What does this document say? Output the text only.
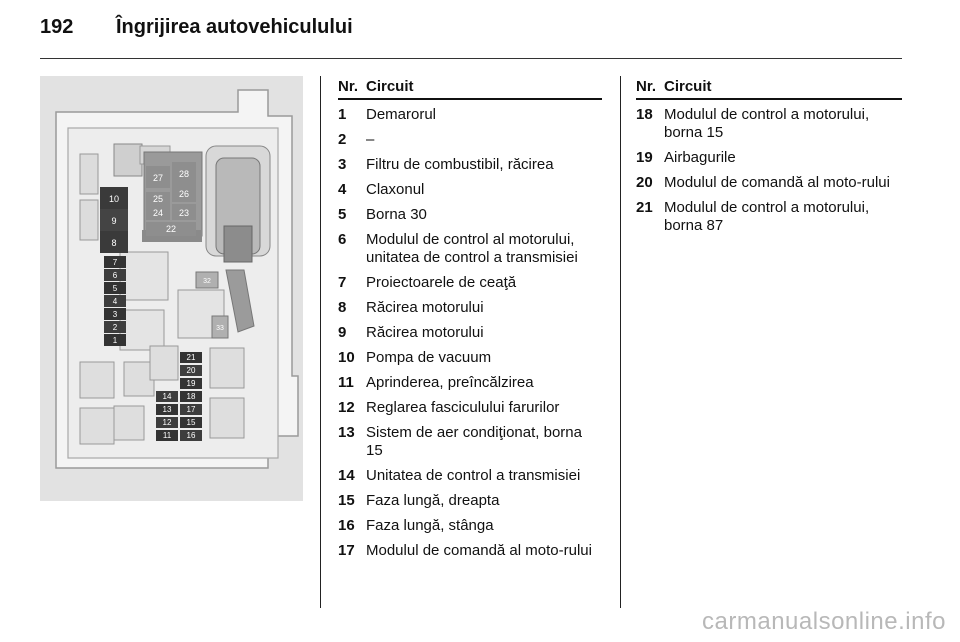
192	Îngrijirea autovehiculului
10
9
8
7
6
5
4
3
2
1
27 28
26
25
24 23
22
21
20
19
14 18
13 17
12 15
11 16
32
33
Nr. Circuit
1	Demarorul
2	–
3	Filtru de combustibil, răcirea
4	Claxonul
5	Borna 30
6	Modulul de control al motorului, unitatea de control a transmisiei
7	Proiectoarele de ceaţă
8	Răcirea motorului
9	Răcirea motorului
10 Pompa de vacuum
11 Aprinderea, preîncălzirea
12 Reglarea fasciculului farurilor
13 Sistem de aer condiţionat, borna 15
14 Unitatea de control a transmisiei
15 Faza lungă, dreapta
16 Faza lungă, stânga
17 Modulul de comandă al moto-rului
Nr. Circuit
18 Modulul de control a motorului, borna 15
19 Airbagurile
20 Modulul de comandă al moto-rului
21 Modulul de control a motorului, borna 87
carmanualsonline.info
